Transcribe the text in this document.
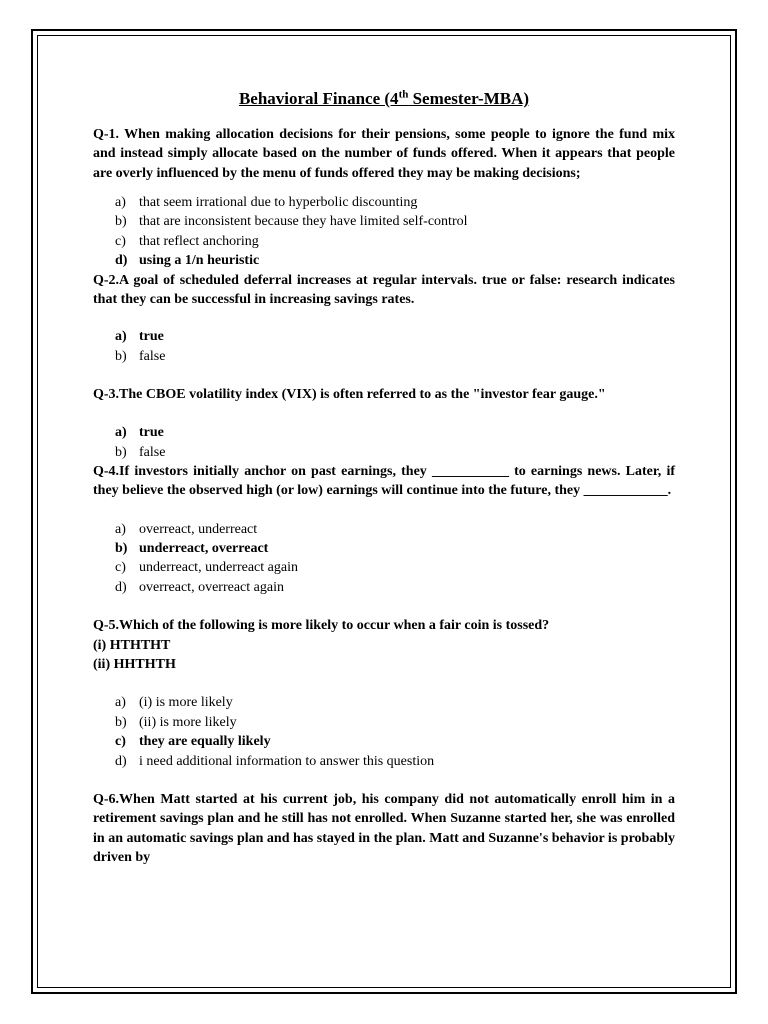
Behavioral Finance (4th Semester-MBA)
Q-1. When making allocation decisions for their pensions, some people to ignore the fund mix and instead simply allocate based on the number of funds offered. When it appears that people are overly influenced by the menu of funds offered they may be making decisions;
a) that seem irrational due to hyperbolic discounting
b) that are inconsistent because they have limited self-control
c) that reflect anchoring
d) using a 1/n heuristic
Q-2.A goal of scheduled deferral increases at regular intervals. true or false: research indicates that they can be successful in increasing savings rates.
a) true
b) false
Q-3.The CBOE volatility index (VIX) is often referred to as the "investor fear gauge."
a) true
b) false
Q-4.If investors initially anchor on past earnings, they ___________ to earnings news. Later, if they believe the observed high (or low) earnings will continue into the future, they ____________.
a) overreact, underreact
b) underreact, overreact
c) underreact, underreact again
d) overreact, overreact again
Q-5.Which of the following is more likely to occur when a fair coin is tossed?
(i) HTHTHT
(ii) HHTHTH
a) (i) is more likely
b) (ii) is more likely
c) they are equally likely
d) i need additional information to answer this question
Q-6.When Matt started at his current job, his company did not automatically enroll him in a retirement savings plan and he still has not enrolled. When Suzanne started her, she was enrolled in an automatic savings plan and has stayed in the plan. Matt and Suzanne's behavior is probably driven by
